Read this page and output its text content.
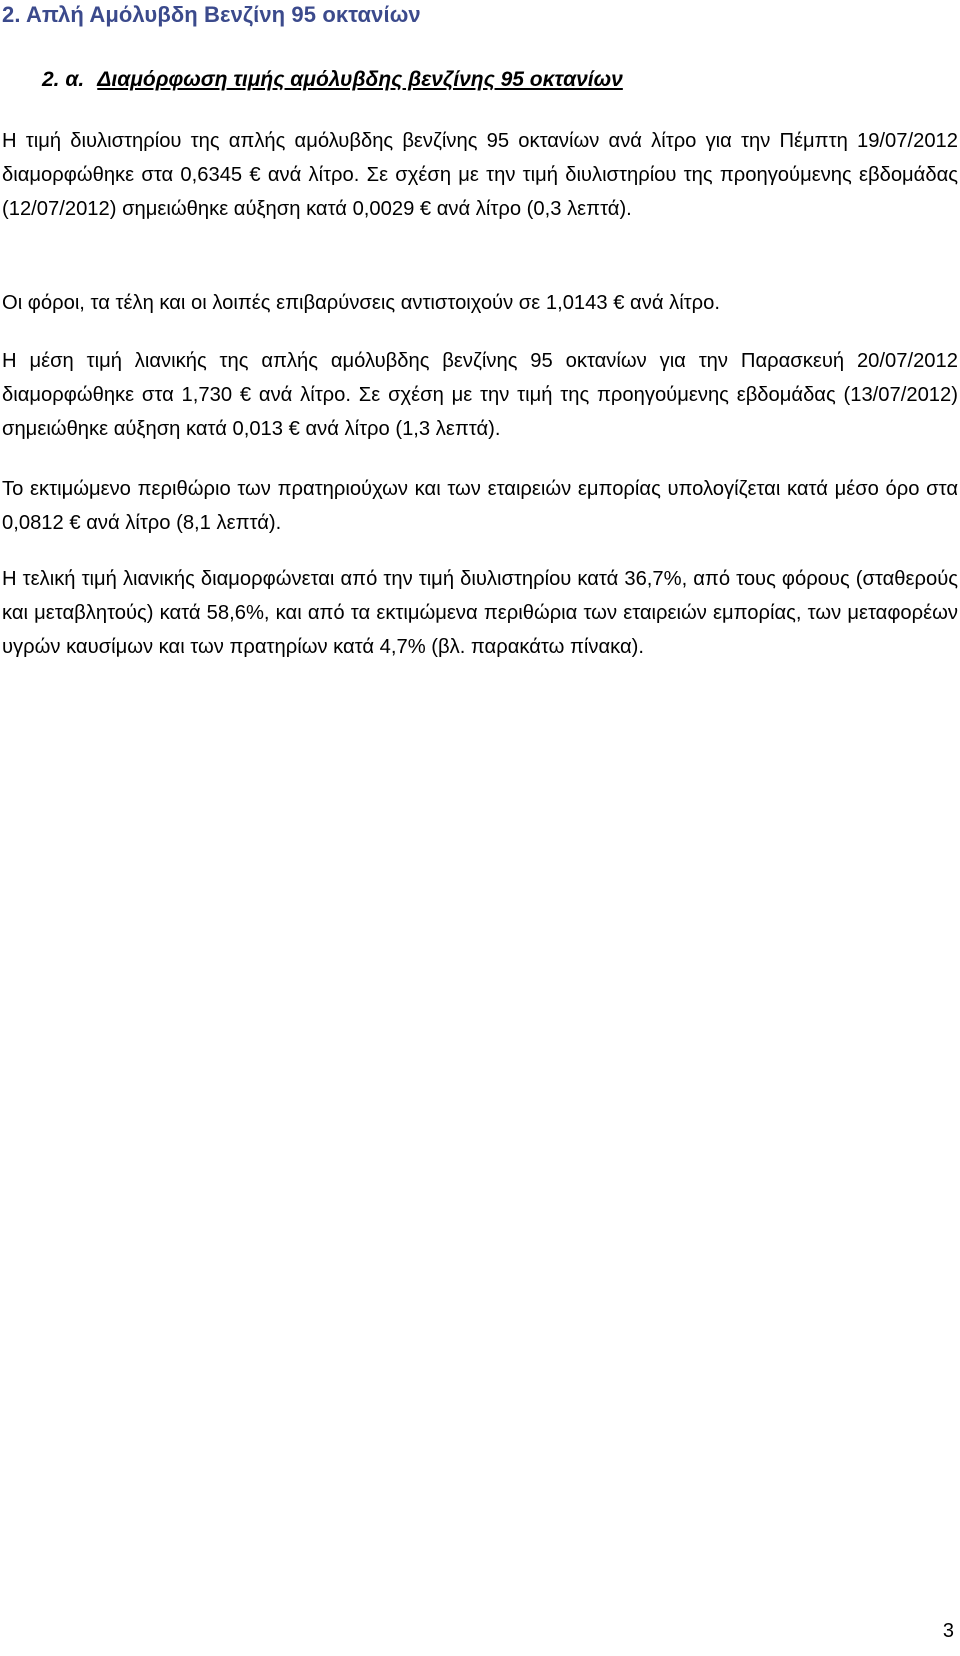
2. Απλή Αμόλυβδη Βενζίνη 95 οκτανίων
2. α. Διαμόρφωση τιμής αμόλυβδης βενζίνης 95 οκτανίων

Η τιμή διυλιστηρίου της απλής αμόλυβδης βενζίνης 95 οκτανίων ανά λίτρο για την Πέμπτη 19/07/2012 διαμορφώθηκε στα 0,6345 € ανά λίτρο. Σε σχέση με την τιμή διυλιστηρίου της προηγούμενης εβδομάδας (12/07/2012) σημειώθηκε αύξηση κατά 0,0029 € ανά λίτρο (0,3 λεπτά).

Οι φόροι, τα τέλη και οι λοιπές επιβαρύνσεις αντιστοιχούν σε 1,0143 € ανά λίτρο.

Η μέση τιμή λιανικής της απλής αμόλυβδης βενζίνης 95 οκτανίων για την Παρασκευή 20/07/2012 διαμορφώθηκε στα 1,730 € ανά λίτρο. Σε σχέση με την τιμή της προηγούμενης εβδομάδας (13/07/2012) σημειώθηκε αύξηση κατά 0,013 € ανά λίτρο (1,3 λεπτά).

Το εκτιμώμενο περιθώριο των πρατηριούχων και των εταιρειών εμπορίας υπολογίζεται κατά μέσο όρο στα 0,0812 € ανά λίτρο (8,1 λεπτά).

Η τελική τιμή λιανικής διαμορφώνεται από την τιμή διυλιστηρίου κατά 36,7%, από τους φόρους (σταθερούς και μεταβλητούς) κατά 58,6%, και από τα εκτιμώμενα περιθώρια των εταιρειών εμπορίας, των μεταφορέων υγρών καυσίμων και των πρατηρίων κατά 4,7% (βλ. παρακάτω πίνακα).

3
